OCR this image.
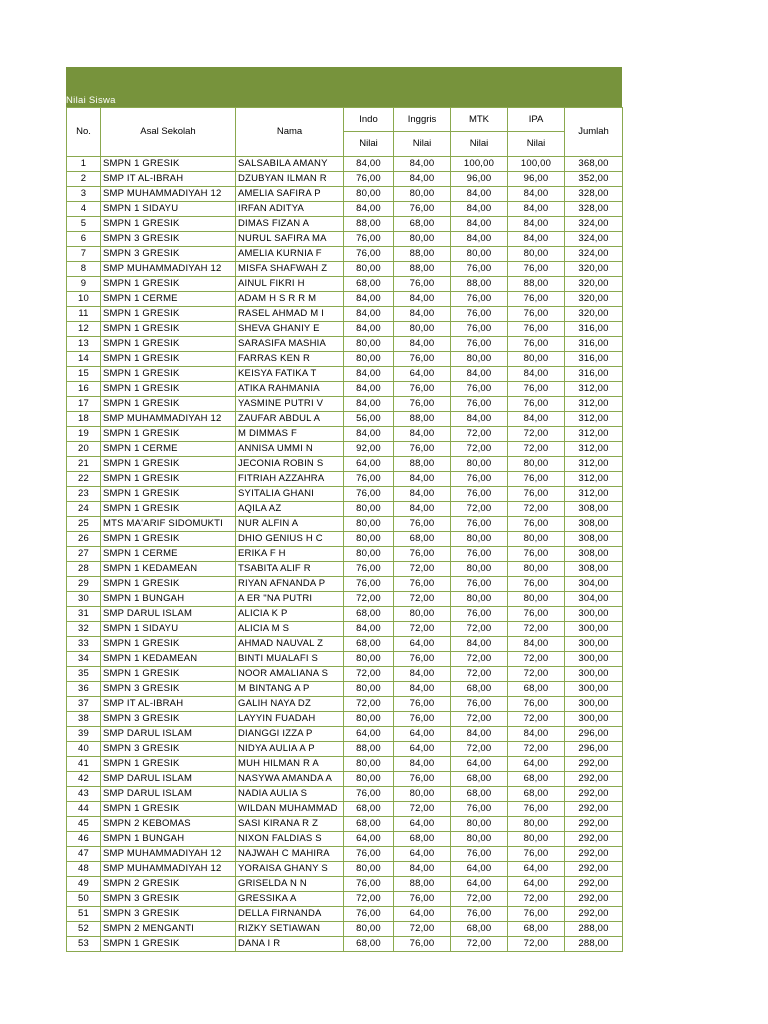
Nilai Siswa
No.	Asal Sekolah	Nama	Indo	Inggris	MTK	IPA	Jumlah
			Nilai	Nilai	Nilai	Nilai	
1	SMPN 1 GRESIK	SALSABILA AMANY	84,00	84,00	100,00	100,00	368,00
2	SMP IT AL-IBRAH	DZUBYAN ILMAN R	76,00	84,00	96,00	96,00	352,00
3	SMP MUHAMMADIYAH 12	AMELIA SAFIRA P	80,00	80,00	84,00	84,00	328,00
4	SMPN 1 SIDAYU	IRFAN ADITYA	84,00	76,00	84,00	84,00	328,00
5	SMPN 1 GRESIK	DIMAS FIZAN A	88,00	68,00	84,00	84,00	324,00
6	SMPN 3 GRESIK	NURUL SAFIRA MA	76,00	80,00	84,00	84,00	324,00
7	SMPN 3 GRESIK	AMELIA KURNIA F	76,00	88,00	80,00	80,00	324,00
8	SMP MUHAMMADIYAH 12	MISFA SHAFWAH Z	80,00	88,00	76,00	76,00	320,00
9	SMPN 1 GRESIK	AINUL FIKRI H	68,00	76,00	88,00	88,00	320,00
10	SMPN 1 CERME	ADAM H S R R M	84,00	84,00	76,00	76,00	320,00
11	SMPN 1 GRESIK	RASEL AHMAD M I	84,00	84,00	76,00	76,00	320,00
12	SMPN 1 GRESIK	SHEVA GHANIY E	84,00	80,00	76,00	76,00	316,00
13	SMPN 1 GRESIK	SARASIFA MASHIA	80,00	84,00	76,00	76,00	316,00
14	SMPN 1 GRESIK	FARRAS KEN R	80,00	76,00	80,00	80,00	316,00
15	SMPN 1 GRESIK	KEISYA FATIKA T	84,00	64,00	84,00	84,00	316,00
16	SMPN 1 GRESIK	ATIKA RAHMANIA	84,00	76,00	76,00	76,00	312,00
17	SMPN 1 GRESIK	YASMINE PUTRI V	84,00	76,00	76,00	76,00	312,00
18	SMP MUHAMMADIYAH 12	ZAUFAR ABDUL A	56,00	88,00	84,00	84,00	312,00
19	SMPN 1 GRESIK	M DIMMAS F	84,00	84,00	72,00	72,00	312,00
20	SMPN 1 CERME	ANNISA UMMI N	92,00	76,00	72,00	72,00	312,00
21	SMPN 1 GRESIK	JECONIA ROBIN S	64,00	88,00	80,00	80,00	312,00
22	SMPN 1 GRESIK	FITRIAH AZZAHRA	76,00	84,00	76,00	76,00	312,00
23	SMPN 1 GRESIK	SYITALIA GHANI	76,00	84,00	76,00	76,00	312,00
24	SMPN 1 GRESIK	AQILA AZ	80,00	84,00	72,00	72,00	308,00
25	MTS MA'ARIF SIDOMUKTI	NUR ALFIN A	80,00	76,00	76,00	76,00	308,00
26	SMPN 1 GRESIK	DHIO GENIUS H C	80,00	68,00	80,00	80,00	308,00
27	SMPN 1 CERME	ERIKA F H	80,00	76,00	76,00	76,00	308,00
28	SMPN 1 KEDAMEAN	TSABITA ALIF R	76,00	72,00	80,00	80,00	308,00
29	SMPN 1 GRESIK	RIYAN AFNANDA P	76,00	76,00	76,00	76,00	304,00
30	SMPN 1 BUNGAH	A ER "NA PUTRI	72,00	72,00	80,00	80,00	304,00
31	SMP DARUL ISLAM	ALICIA K P	68,00	80,00	76,00	76,00	300,00
32	SMPN 1 SIDAYU	ALICIA M S	84,00	72,00	72,00	72,00	300,00
33	SMPN 1 GRESIK	AHMAD NAUVAL Z	68,00	64,00	84,00	84,00	300,00
34	SMPN 1 KEDAMEAN	BINTI MUALAFI S	80,00	76,00	72,00	72,00	300,00
35	SMPN 1 GRESIK	NOOR AMALIANA S	72,00	84,00	72,00	72,00	300,00
36	SMPN 3 GRESIK	M BINTANG A P	80,00	84,00	68,00	68,00	300,00
37	SMP IT AL-IBRAH	GALIH NAYA DZ	72,00	76,00	76,00	76,00	300,00
38	SMPN 3 GRESIK	LAYYIN FUADAH	80,00	76,00	72,00	72,00	300,00
39	SMP DARUL ISLAM	DIANGGI IZZA P	64,00	64,00	84,00	84,00	296,00
40	SMPN 3 GRESIK	NIDYA AULIA A P	88,00	64,00	72,00	72,00	296,00
41	SMPN 1 GRESIK	MUH HILMAN R A	80,00	84,00	64,00	64,00	292,00
42	SMP DARUL ISLAM	NASYWA AMANDA A	80,00	76,00	68,00	68,00	292,00
43	SMP DARUL ISLAM	NADIA AULIA S	76,00	80,00	68,00	68,00	292,00
44	SMPN 1 GRESIK	WILDAN MUHAMMAD	68,00	72,00	76,00	76,00	292,00
45	SMPN 2 KEBOMAS	SASI KIRANA R Z	68,00	64,00	80,00	80,00	292,00
46	SMPN 1 BUNGAH	NIXON FALDIAS S	64,00	68,00	80,00	80,00	292,00
47	SMP MUHAMMADIYAH 12	NAJWAH C MAHIRA	76,00	64,00	76,00	76,00	292,00
48	SMP MUHAMMADIYAH 12	YORAISA GHANY S	80,00	84,00	64,00	64,00	292,00
49	SMPN 2 GRESIK	GRISELDA N N	76,00	88,00	64,00	64,00	292,00
50	SMPN 3 GRESIK	GRESSIKA A	72,00	76,00	72,00	72,00	292,00
51	SMPN 3 GRESIK	DELLA FIRNANDA	76,00	64,00	76,00	76,00	292,00
52	SMPN 2 MENGANTI	RIZKY SETIAWAN	80,00	72,00	68,00	68,00	288,00
53	SMPN 1 GRESIK	DANA I R	68,00	76,00	72,00	72,00	288,00
